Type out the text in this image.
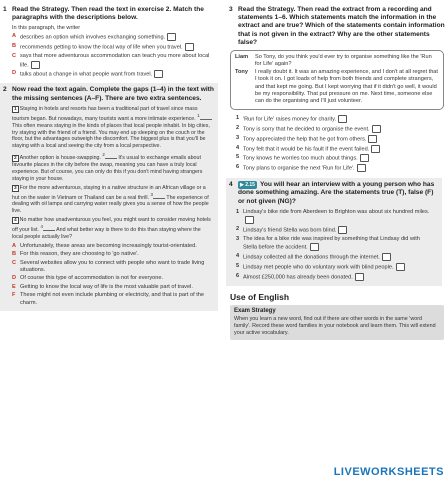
1 Read the Strategy. Then read the text in exercise 2. Match the paragraphs with the descriptions below.
In this paragraph, the writer
A describes an option which involves exchanging something.
B recommends getting to know the local way of life when you travel.
C says that more adventurous accommodation can teach you more about local life.
D talks about a change in what people want from travel.
2 Now read the text again. Complete the gaps (1–4) in the text with the missing sentences (A–F). There are two extra sentences.
1 Staying in hotels and resorts has been a traditional part of travel since mass tourism began. But nowadays, many tourists want a more intimate experience. $^1$ This often means staying in the kinds of places that local people inhabit. In big cities, try staying with the friend of a friend. You may end up sleeping on the couch or the floor, but the advantages outweigh the discomfort. The biggest plus is that you'll be staying with a local and seeing the city from a local perspective.
2 Another option is house-swapping. $^2$ It's usual to exchange emails about favourite places in the city before the swap, meaning you can have a truly local experience. But of course, you can only do this if you don't mind having strangers staying in your house.
3 For the more adventurous, staying in a native structure in an African village or a hut on the water in Vietnam or Thailand can be a real thrill. $^3$ The experience of dealing with oil lamps and carrying water really gives you a sense of how the people live.
4 No matter how unadventurous you feel, you might want to consider moving hotels off your list. $^4$ And what better way is there to do this than staying where the local people actually live?
A Unfortunately, these areas are becoming increasingly tourist-orientated.
B For this reason, they are choosing to 'go native'.
C Several websites allow you to connect with people who want to trade living situations.
D Of course this type of accommodation is not for everyone.
E Getting to know the local way of life is the most valuable part of travel.
F These might not even include plumbing or electricity, and that is part of the charm.
3 Read the Strategy. Then read the extract from a recording and statements 1–6. Which statements match the information in the extract and are true? Which of the statements contain information that is not given in the extract? Why are the other statements false?
Liam	So Tony, do you think you'd ever try to organise something like the 'Run for Life' again?
Tony	I really doubt it. It was an amazing experience, and I don't at all regret that I took it on. I got loads of help from both friends and complete strangers, and that kept me going. But I kept worrying that if it didn't go well, it would be my responsibility. That put pressure on me. Next time, someone else can do the organising and I'll just volunteer.
1 'Run for Life' raises money for charity.
2 Tony is sorry that he decided to organise the event.
3 Tony appreciated the help that he got from others.
4 Tony felt that it would be his fault if the event failed.
5 Tony knows he worries too much about things.
6 Tony plans to organise the next 'Run for Life'.
4 ▶ 2.15 You will hear an interview with a young person who has done something amazing. Are the statements true (T), false (F) or not given (NG)?
1 Lindsay's bike ride from Aberdeen to Brighton was about six hundred miles.
2 Lindsay's friend Stella was born blind.
3 The idea for a bike ride was inspired by something that Lindsay did with Stella before the accident.
4 Lindsay collected all the donations through the internet.
5 Lindsay met people who do voluntary work with blind people.
6 Almost £250,000 has already been donated.
Use of English
Exam Strategy
When you learn a new word, find out if there are other words in the same 'word family'. Record these word families in your notebook and learn them. This will extend your active vocabulary.
LIVEWORKSHEETS
